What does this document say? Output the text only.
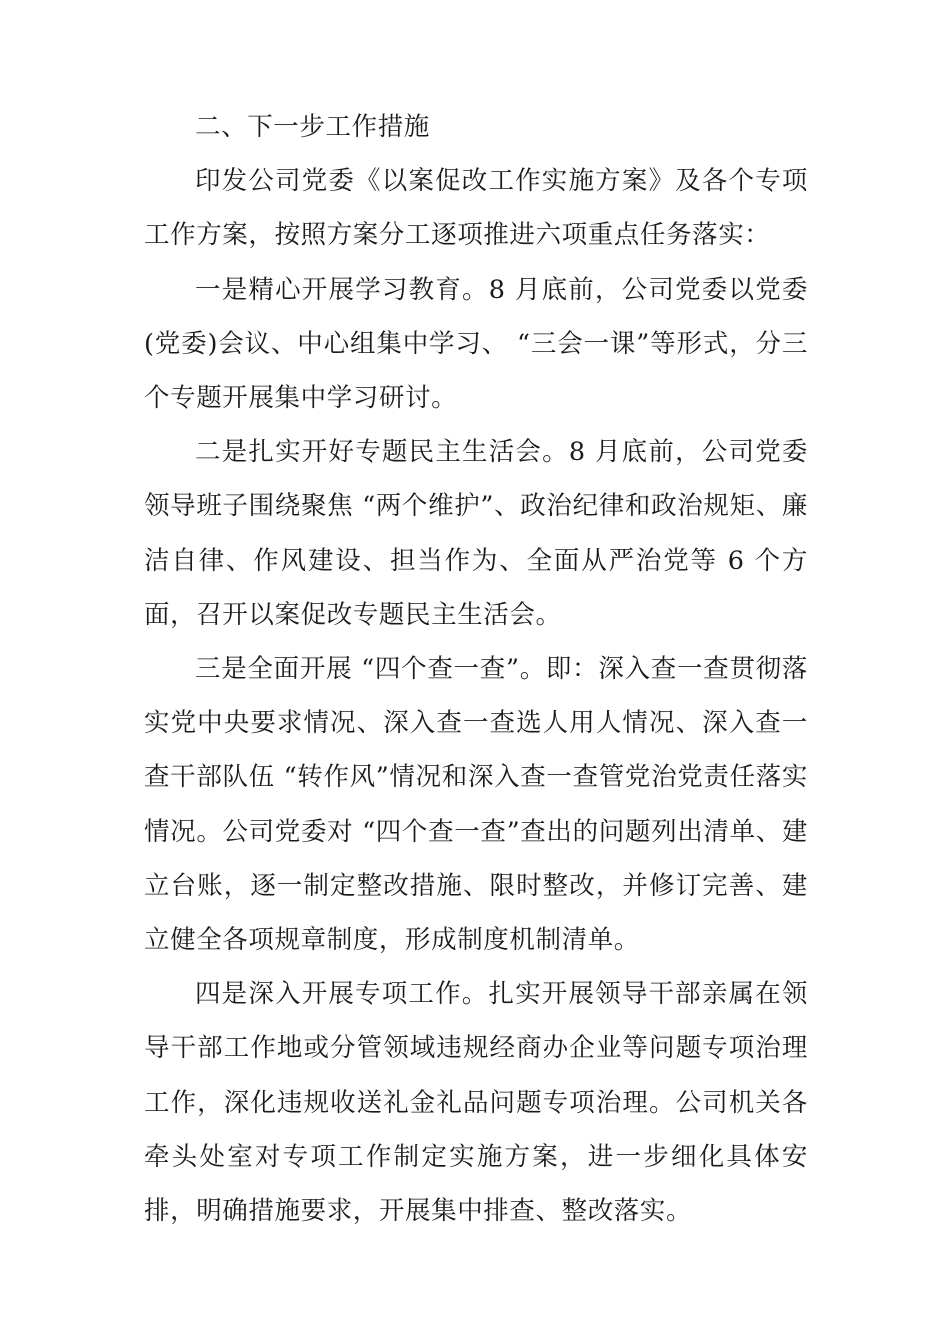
二、下一步工作措施

印发公司党委《以案促改工作实施方案》及各个专项工作方案，按照方案分工逐项推进六项重点任务落实：

一是精心开展学习教育。8 月底前，公司党委以党委(党委)会议、中心组集中学习、 “三会一课”等形式，分三个专题开展集中学习研讨。

二是扎实开好专题民主生活会。8 月底前，公司党委领导班子围绕聚焦 “两个维护”、政治纪律和政治规矩、廉洁自律、作风建设、担当作为、全面从严治党等 6 个方面，召开以案促改专题民主生活会。

三是全面开展 “四个查一查”。即：深入查一查贯彻落实党中央要求情况、深入查一查选人用人情况、深入查一查干部队伍 “转作风”情况和深入查一查管党治党责任落实情况。公司党委对 “四个查一查”查出的问题列出清单、建立台账，逐一制定整改措施、限时整改，并修订完善、建立健全各项规章制度，形成制度机制清单。

四是深入开展专项工作。扎实开展领导干部亲属在领导干部工作地或分管领域违规经商办企业等问题专项治理工作，深化违规收送礼金礼品问题专项治理。公司机关各牵头处室对专项工作制定实施方案，进一步细化具体安排，明确措施要求，开展集中排查、整改落实。
